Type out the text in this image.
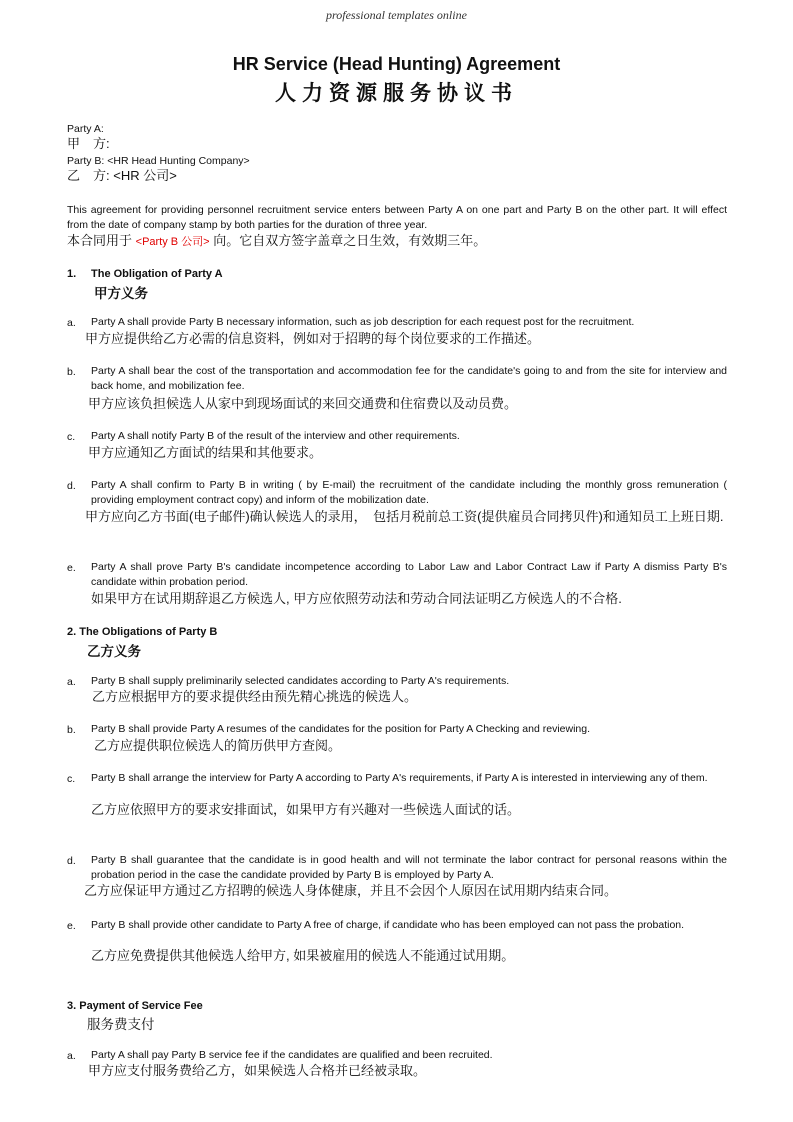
professional templates online
HR Service (Head Hunting) Agreement
人力资源服务协议书
Party A:
甲　方:
Party B: <HR Head Hunting Company>
乙　方: <HR 公司>
This agreement for providing personnel recruitment service enters between Party A on one part and Party B on the other part. It will effect from the date of company stamp by both parties for the duration of three year.
本合同用于 <Party B 公司> 向。它自双方签字盖章之日生效，有效期三年。
1. The Obligation of Party A
甲方义务
a. Party A shall provide Party B necessary information, such as job description for each request post for the recruitment.
甲方应提供给乙方必需的信息资料，例如对于招聘的每个岗位要求的工作描述。
b. Party A shall bear the cost of the transportation and accommodation fee for the candidate's going to and from the site for interview and back home, and mobilization fee.
甲方应该负担候选人从家中到现场面试的来回交通费和住宿费以及动员费。
c. Party A shall notify Party B of the result of the interview and other requirements.
甲方应通知乙方面试的结果和其他要求。
d. Party A shall confirm to Party B in writing ( by E-mail) the recruitment of the candidate including the monthly gross remuneration ( providing employment contract copy) and inform of the mobilization date.
甲方应向乙方书面(电子邮件)确认候选人的录用，　包括月税前总工资(提供雇员合同拷贝件)和通知员工上班日期.
e. Party A shall prove Party B's candidate incompetence according to Labor Law and Labor Contract Law if Party A dismiss Party B's candidate within probation period.
如果甲方在试用期辞退乙方候选人, 甲方应依照劳动法和劳动合同法证明乙方候选人的不合格.
2. The Obligations of Party B
乙方义务
a. Party B shall supply preliminarily selected candidates according to Party A's requirements.
乙方应根据甲方的要求提供经由预先精心挑选的候选人。
b. Party B shall provide Party A resumes of the candidates for the position for Party A Checking and reviewing.
乙方应提供职位候选人的简历供甲方查阅。
c. Party B shall arrange the interview for Party A according to Party A's requirements, if Party A is interested in interviewing any of them.
乙方应依照甲方的要求安排面试，如果甲方有兴趣对一些候选人面试的话。
d. Party B shall guarantee that the candidate is in good health and will not terminate the labor contract for personal reasons within the probation period in the case the candidate provided by Party B is employed by Party A.
乙方应保证甲方通过乙方招聘的候选人身体健康，并且不会因个人原因在试用期内结束合同。
e. Party B shall provide other candidate to Party A free of charge, if candidate who has been employed can not pass the probation.
乙方应免费提供其他候选人给甲方, 如果被雇用的候选人不能通过试用期。
3. Payment of Service Fee
服务费支付
a. Party A shall pay Party B service fee if the candidates are qualified and been recruited.
甲方应支付服务费给乙方，如果候选人合格并已经被录取。
